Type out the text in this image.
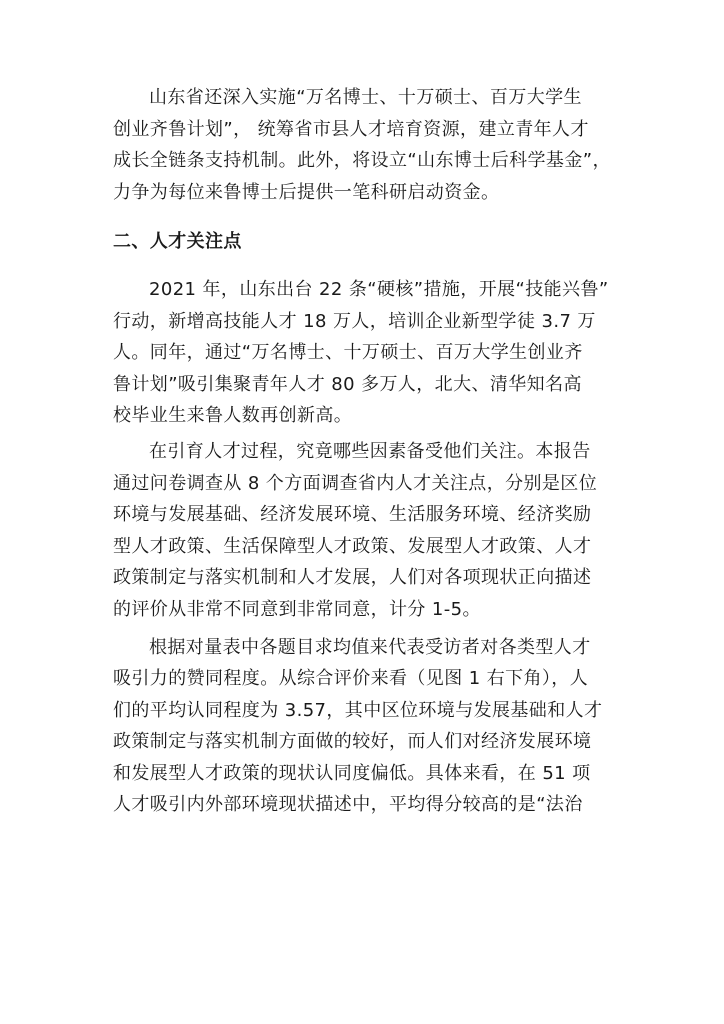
山东省还深入实施“万名博士、十万硕士、百万大学生
创业齐鲁计划”， 统筹省市县人才培育资源，建立青年人才
成长全链条支持机制。此外，将设立“山东博士后科学基金”，
力争为每位来鲁博士后提供一笔科研启动资金。

二、人才关注点

2021 年，山东出台 22 条“硬核”措施，开展“技能兴鲁”
行动，新增高技能人才 18 万人，培训企业新型学徒 3.7 万
人。同年，通过“万名博士、十万硕士、百万大学生创业齐
鲁计划”吸引集聚青年人才 80 多万人，北大、清华知名高
校毕业生来鲁人数再创新高。

在引育人才过程，究竟哪些因素备受他们关注。本报告
通过问卷调查从 8 个方面调查省内人才关注点，分别是区位
环境与发展基础、经济发展环境、生活服务环境、经济奖励
型人才政策、生活保障型人才政策、发展型人才政策、人才
政策制定与落实机制和人才发展，人们对各项现状正向描述
的评价从非常不同意到非常同意，计分 1-5。

根据对量表中各题目求均值来代表受访者对各类型人才
吸引力的赞同程度。从综合评价来看（见图 1 右下角），人
们的平均认同程度为 3.57，其中区位环境与发展基础和人才
政策制定与落实机制方面做的较好，而人们对经济发展环境
和发展型人才政策的现状认同度偏低。具体来看，在 51 项
人才吸引内外部环境现状描述中，平均得分较高的是“法治
